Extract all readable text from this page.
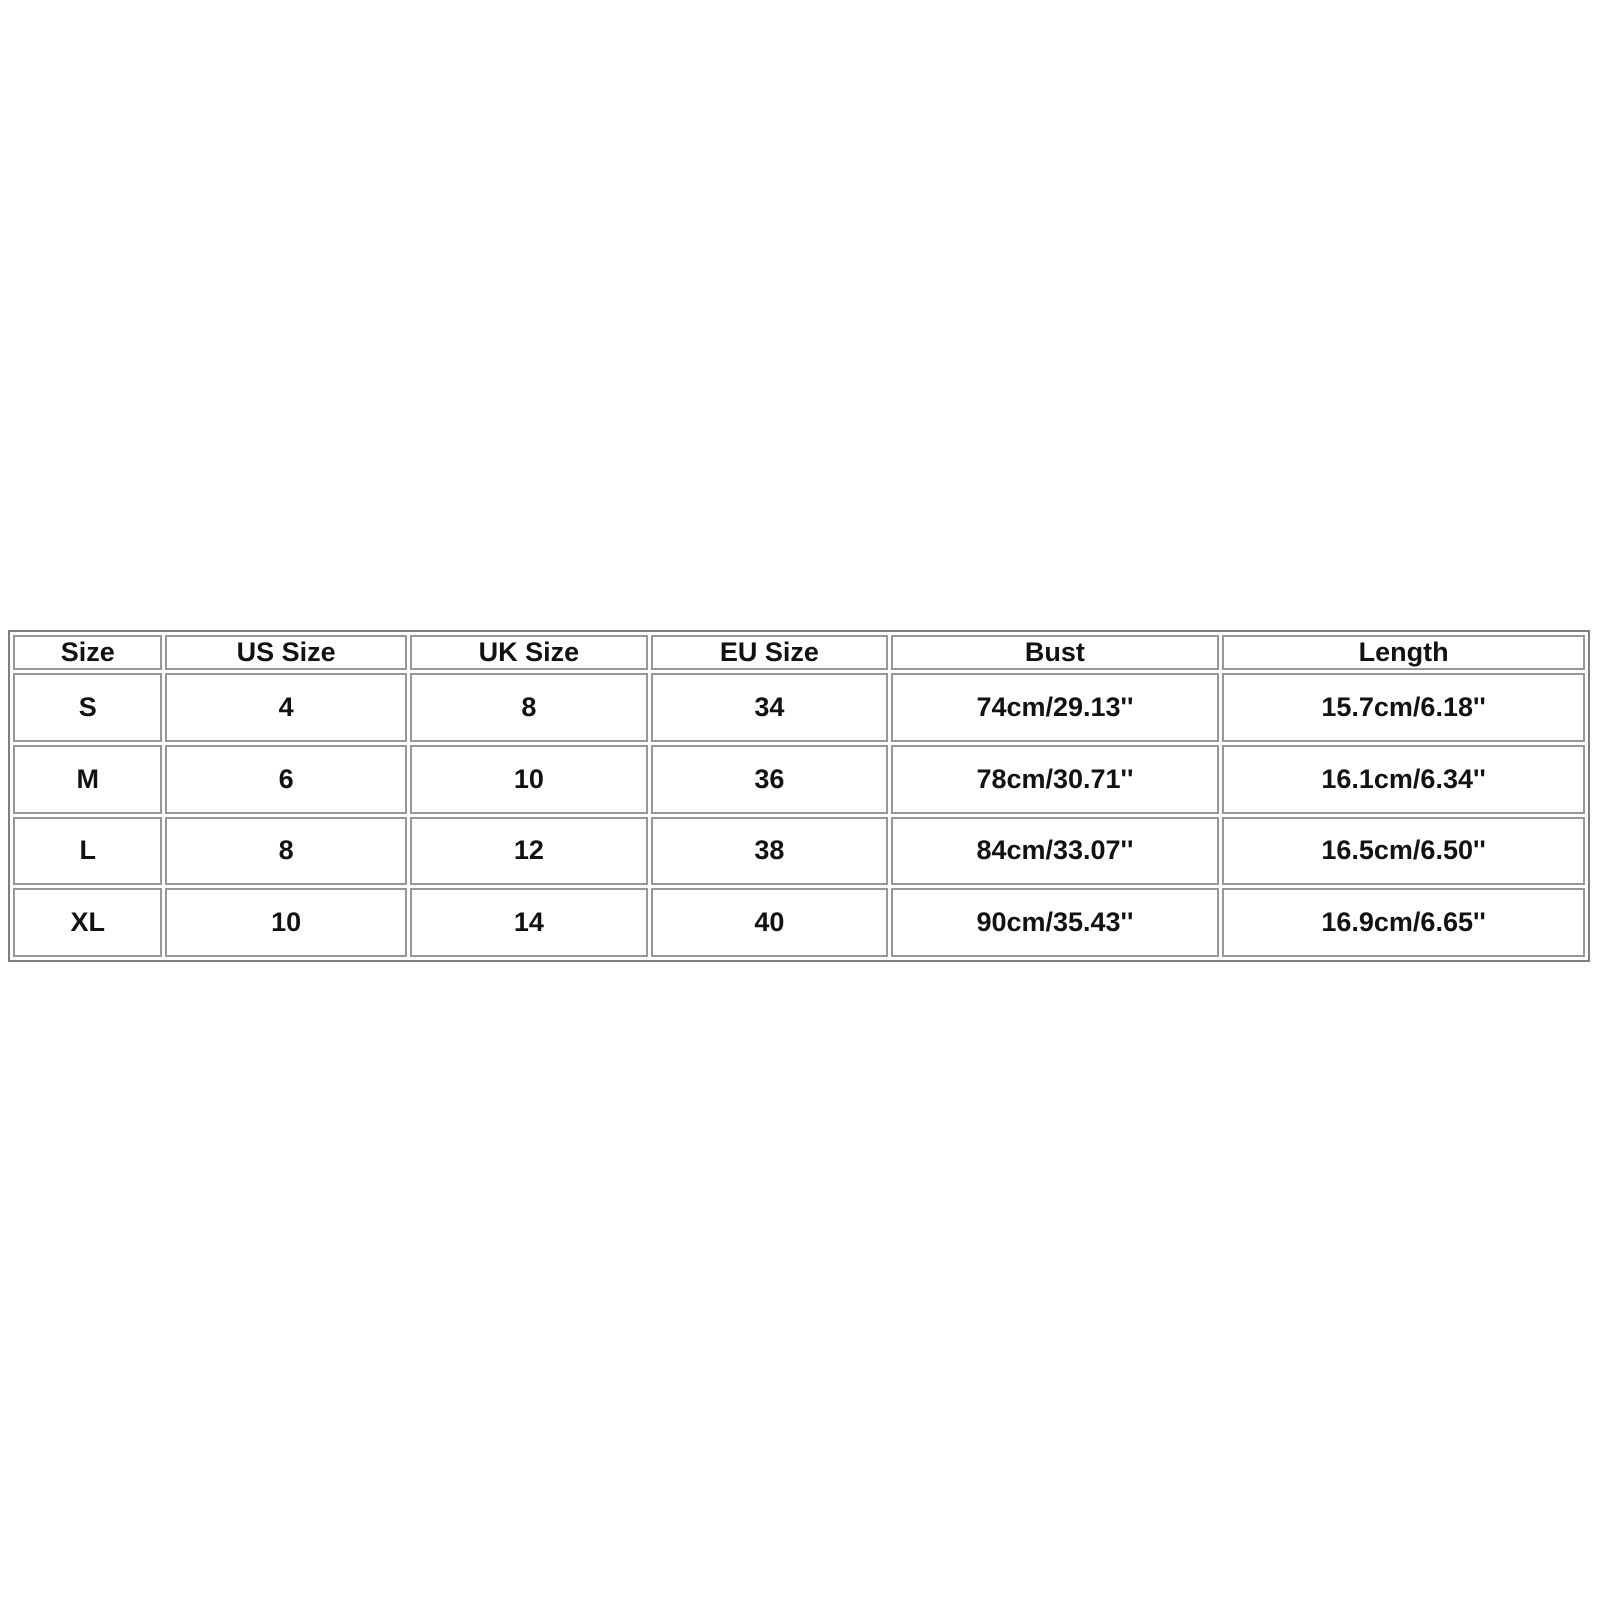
Size	US Size	UK Size	EU Size	Bust	Length
S	4	8	34	74cm/29.13''	15.7cm/6.18''
M	6	10	36	78cm/30.71''	16.1cm/6.34''
L	8	12	38	84cm/33.07''	16.5cm/6.50''
XL	10	14	40	90cm/35.43''	16.9cm/6.65''
